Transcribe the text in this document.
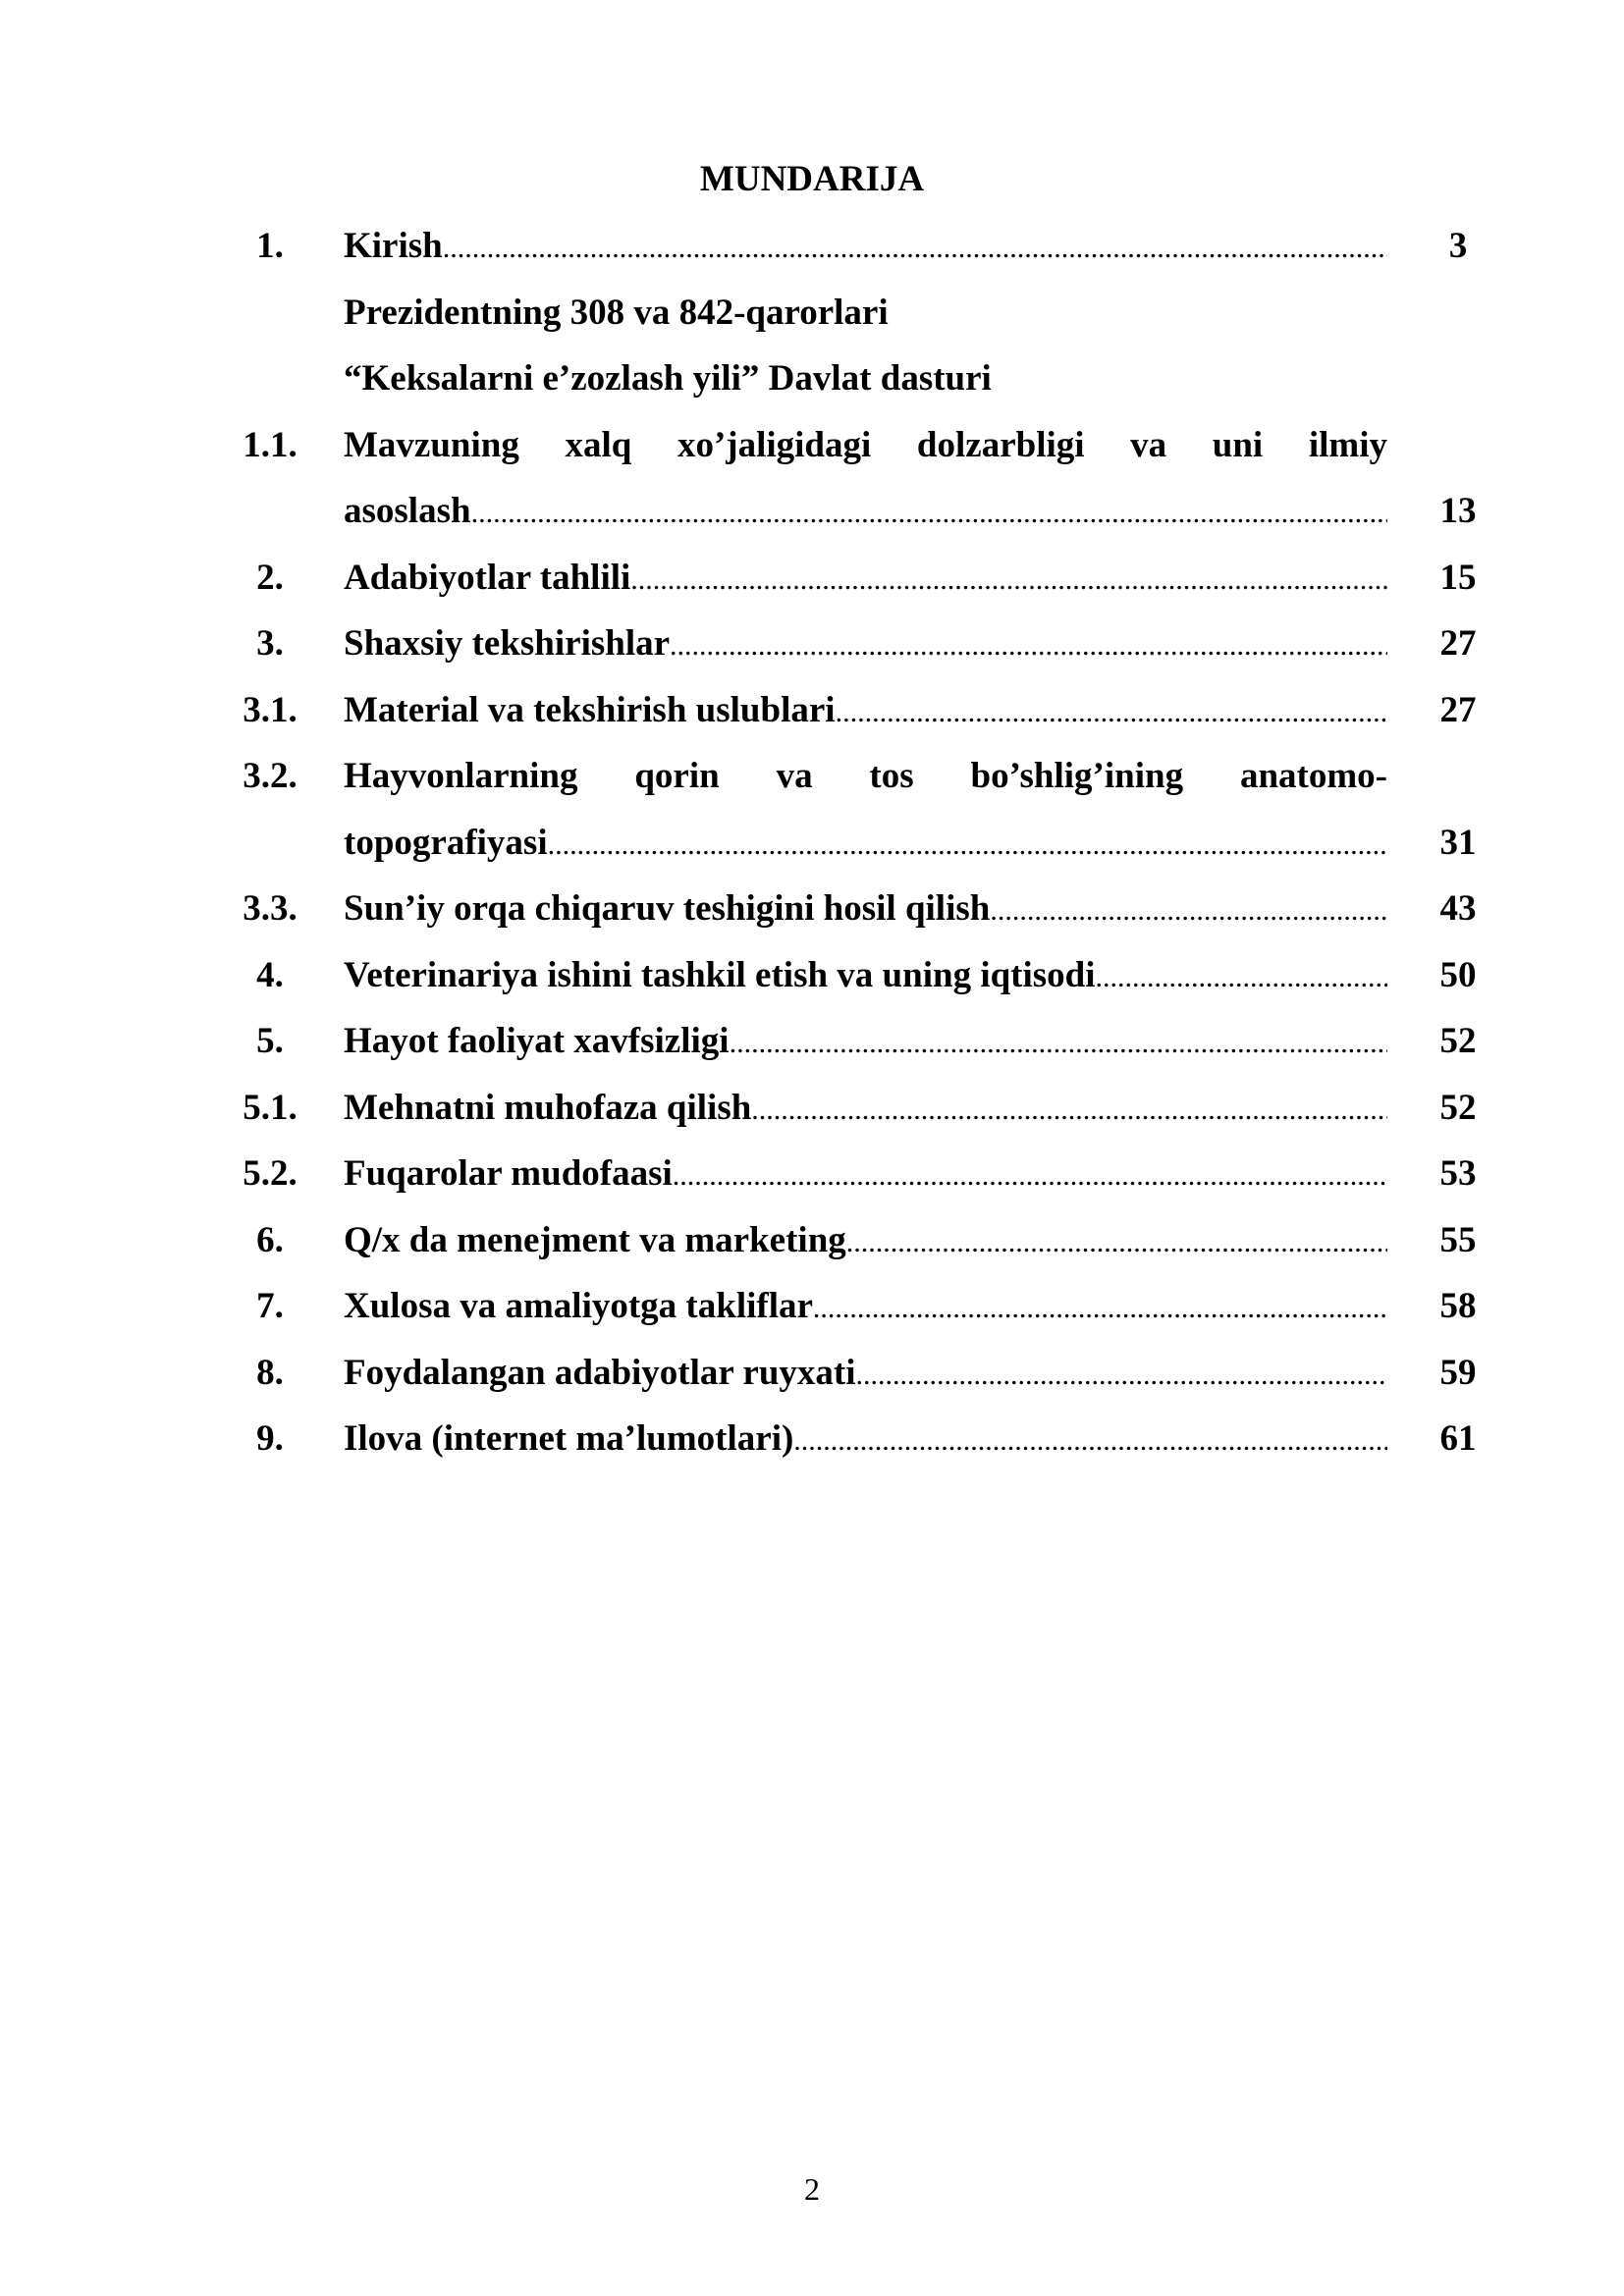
MUNDARIJA
1.	Kirish .....	3
Prezidentning 308 va 842-qarorlari
“Keksalarni e’zozlash yili” Davlat dasturi
1.1.	Mavzuning xalq xo’jaligidagi dolzarbligi va uni ilmiy
asoslash .....	13
2.	Adabiyotlar tahlili .....	15
3.	Shaxsiy tekshirishlar .....	27
3.1.	Material va tekshirish uslublari .....	27
3.2.	Hayvonlarning qorin va tos bo’shlig’ining anatomo-
topografiyasi .....	31
3.3.	Sun’iy orqa chiqaruv teshigini hosil qilish .....	43
4.	Veterinariya ishini tashkil etish va uning iqtisodi .....	50
5.	Hayot faoliyat xavfsizligi .....	52
5.1.	Mehnatni muhofaza qilish .....	52
5.2.	Fuqarolar mudofaasi .....	53
6.	Q/x da menejment va marketing .....	55
7.	Xulosa va amaliyotga takliflar .....	58
8.	Foydalangan adabiyotlar ruyxati .....	59
9.	Ilova (internet ma’lumotlari) .....	61
2
